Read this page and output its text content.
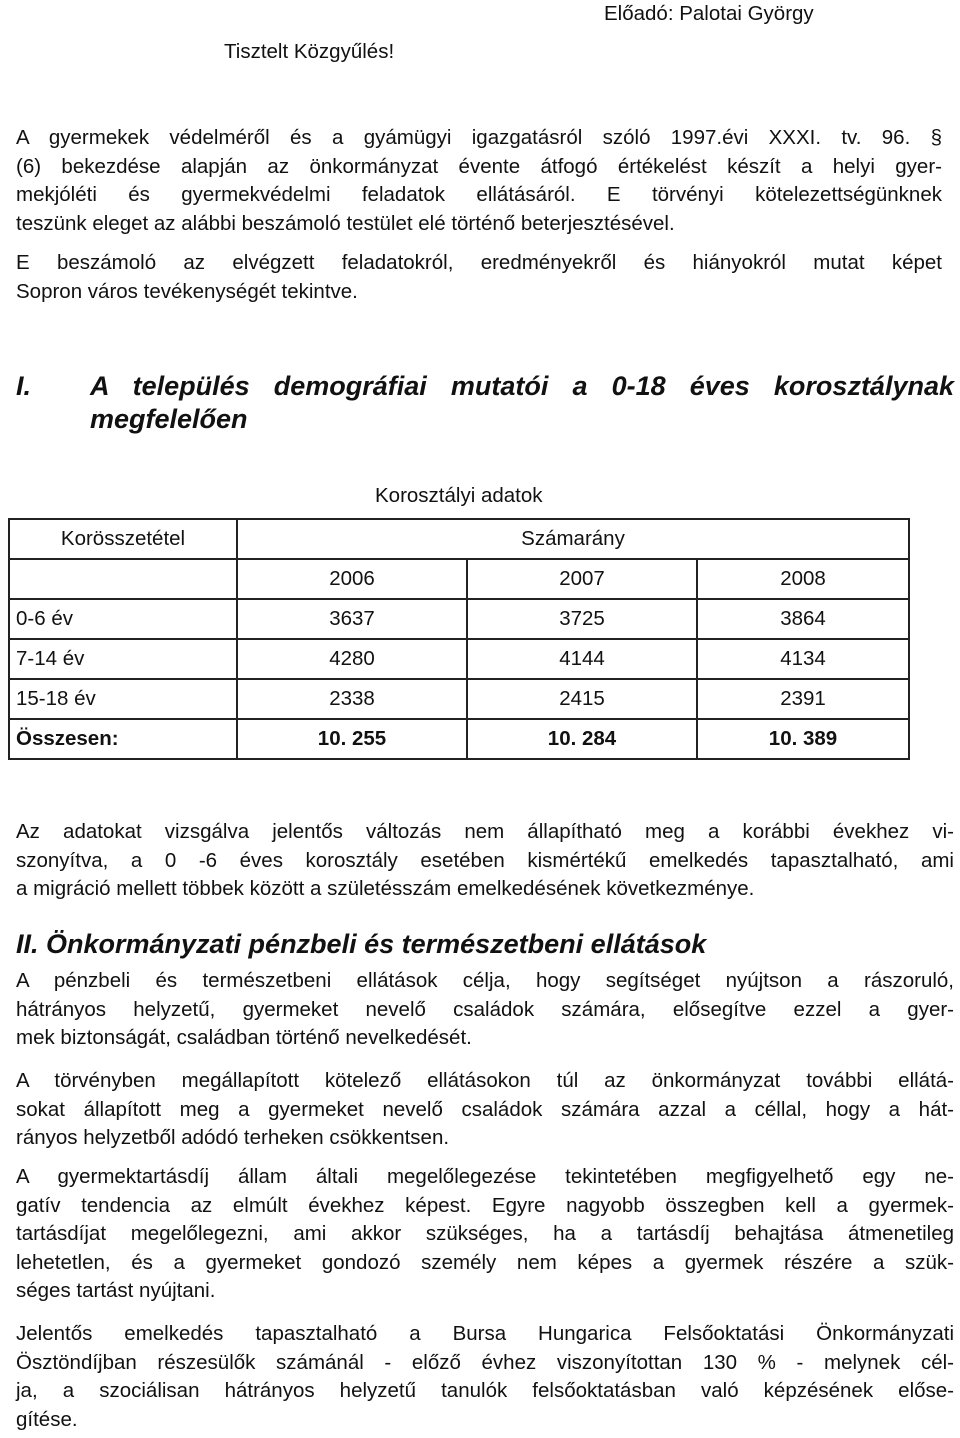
Előadó: Palotai György
Tisztelt Közgyűlés!
A gyermekek védelméről és a gyámügyi igazgatásról szóló 1997.évi XXXI. tv. 96. §
(6) bekezdése alapján az önkormányzat évente átfogó értékelést készít a helyi gyer-
mekjóléti és gyermekvédelmi feladatok ellátásáról. E törvényi kötelezettségünknek
teszünk eleget az alábbi beszámoló testület elé történő beterjesztésével.
E beszámoló az elvégzett feladatokról, eredményekről és hiányokról mutat képet
Sopron város tevékenységét tekintve.
I. A település demográfiai mutatói a 0-18 éves korosztálynak
megfelelően
Korosztályi adatok
Korösszetétel	Számarány		
	2006	2007	2008
0-6 év	3637	3725	3864
7-14 év	4280	4144	4134
15-18 év	2338	2415	2391
Összesen:	10. 255	10. 284	10. 389
Az adatokat vizsgálva jelentős változás nem állapítható meg a korábbi évekhez vi-
szonyítva, a 0 -6 éves korosztály esetében kismértékű emelkedés tapasztalható, ami
a migráció mellett többek között a születésszám emelkedésének következménye.
II. Önkormányzati pénzbeli és természetbeni ellátások
A pénzbeli és természetbeni ellátások célja, hogy segítséget nyújtson a rászoruló,
hátrányos helyzetű, gyermeket nevelő családok számára, elősegítve ezzel a gyer-
mek biztonságát, családban történő nevelkedését.
A törvényben megállapított kötelező ellátásokon túl az önkormányzat további ellátá-
sokat állapított meg a gyermeket nevelő családok számára azzal a céllal, hogy a hát-
rányos helyzetből adódó terheken csökkentsen.
A gyermektartásdíj állam általi megelőlegezése tekintetében megfigyelhető egy ne-
gatív tendencia az elmúlt évekhez képest. Egyre nagyobb összegben kell a gyermek-
tartásdíjat megelőlegezni, ami akkor szükséges, ha a tartásdíj behajtása átmenetileg
lehetetlen, és a gyermeket gondozó személy nem képes a gyermek részére a szük-
séges tartást nyújtani.
Jelentős emelkedés tapasztalható a Bursa Hungarica Felsőoktatási Önkormányzati
Ösztöndíjban részesülők számánál - előző évhez viszonyítottan 130 % - melynek cél-
ja, a szociálisan hátrányos helyzetű tanulók felsőoktatásban való képzésének előse-
gítése.
